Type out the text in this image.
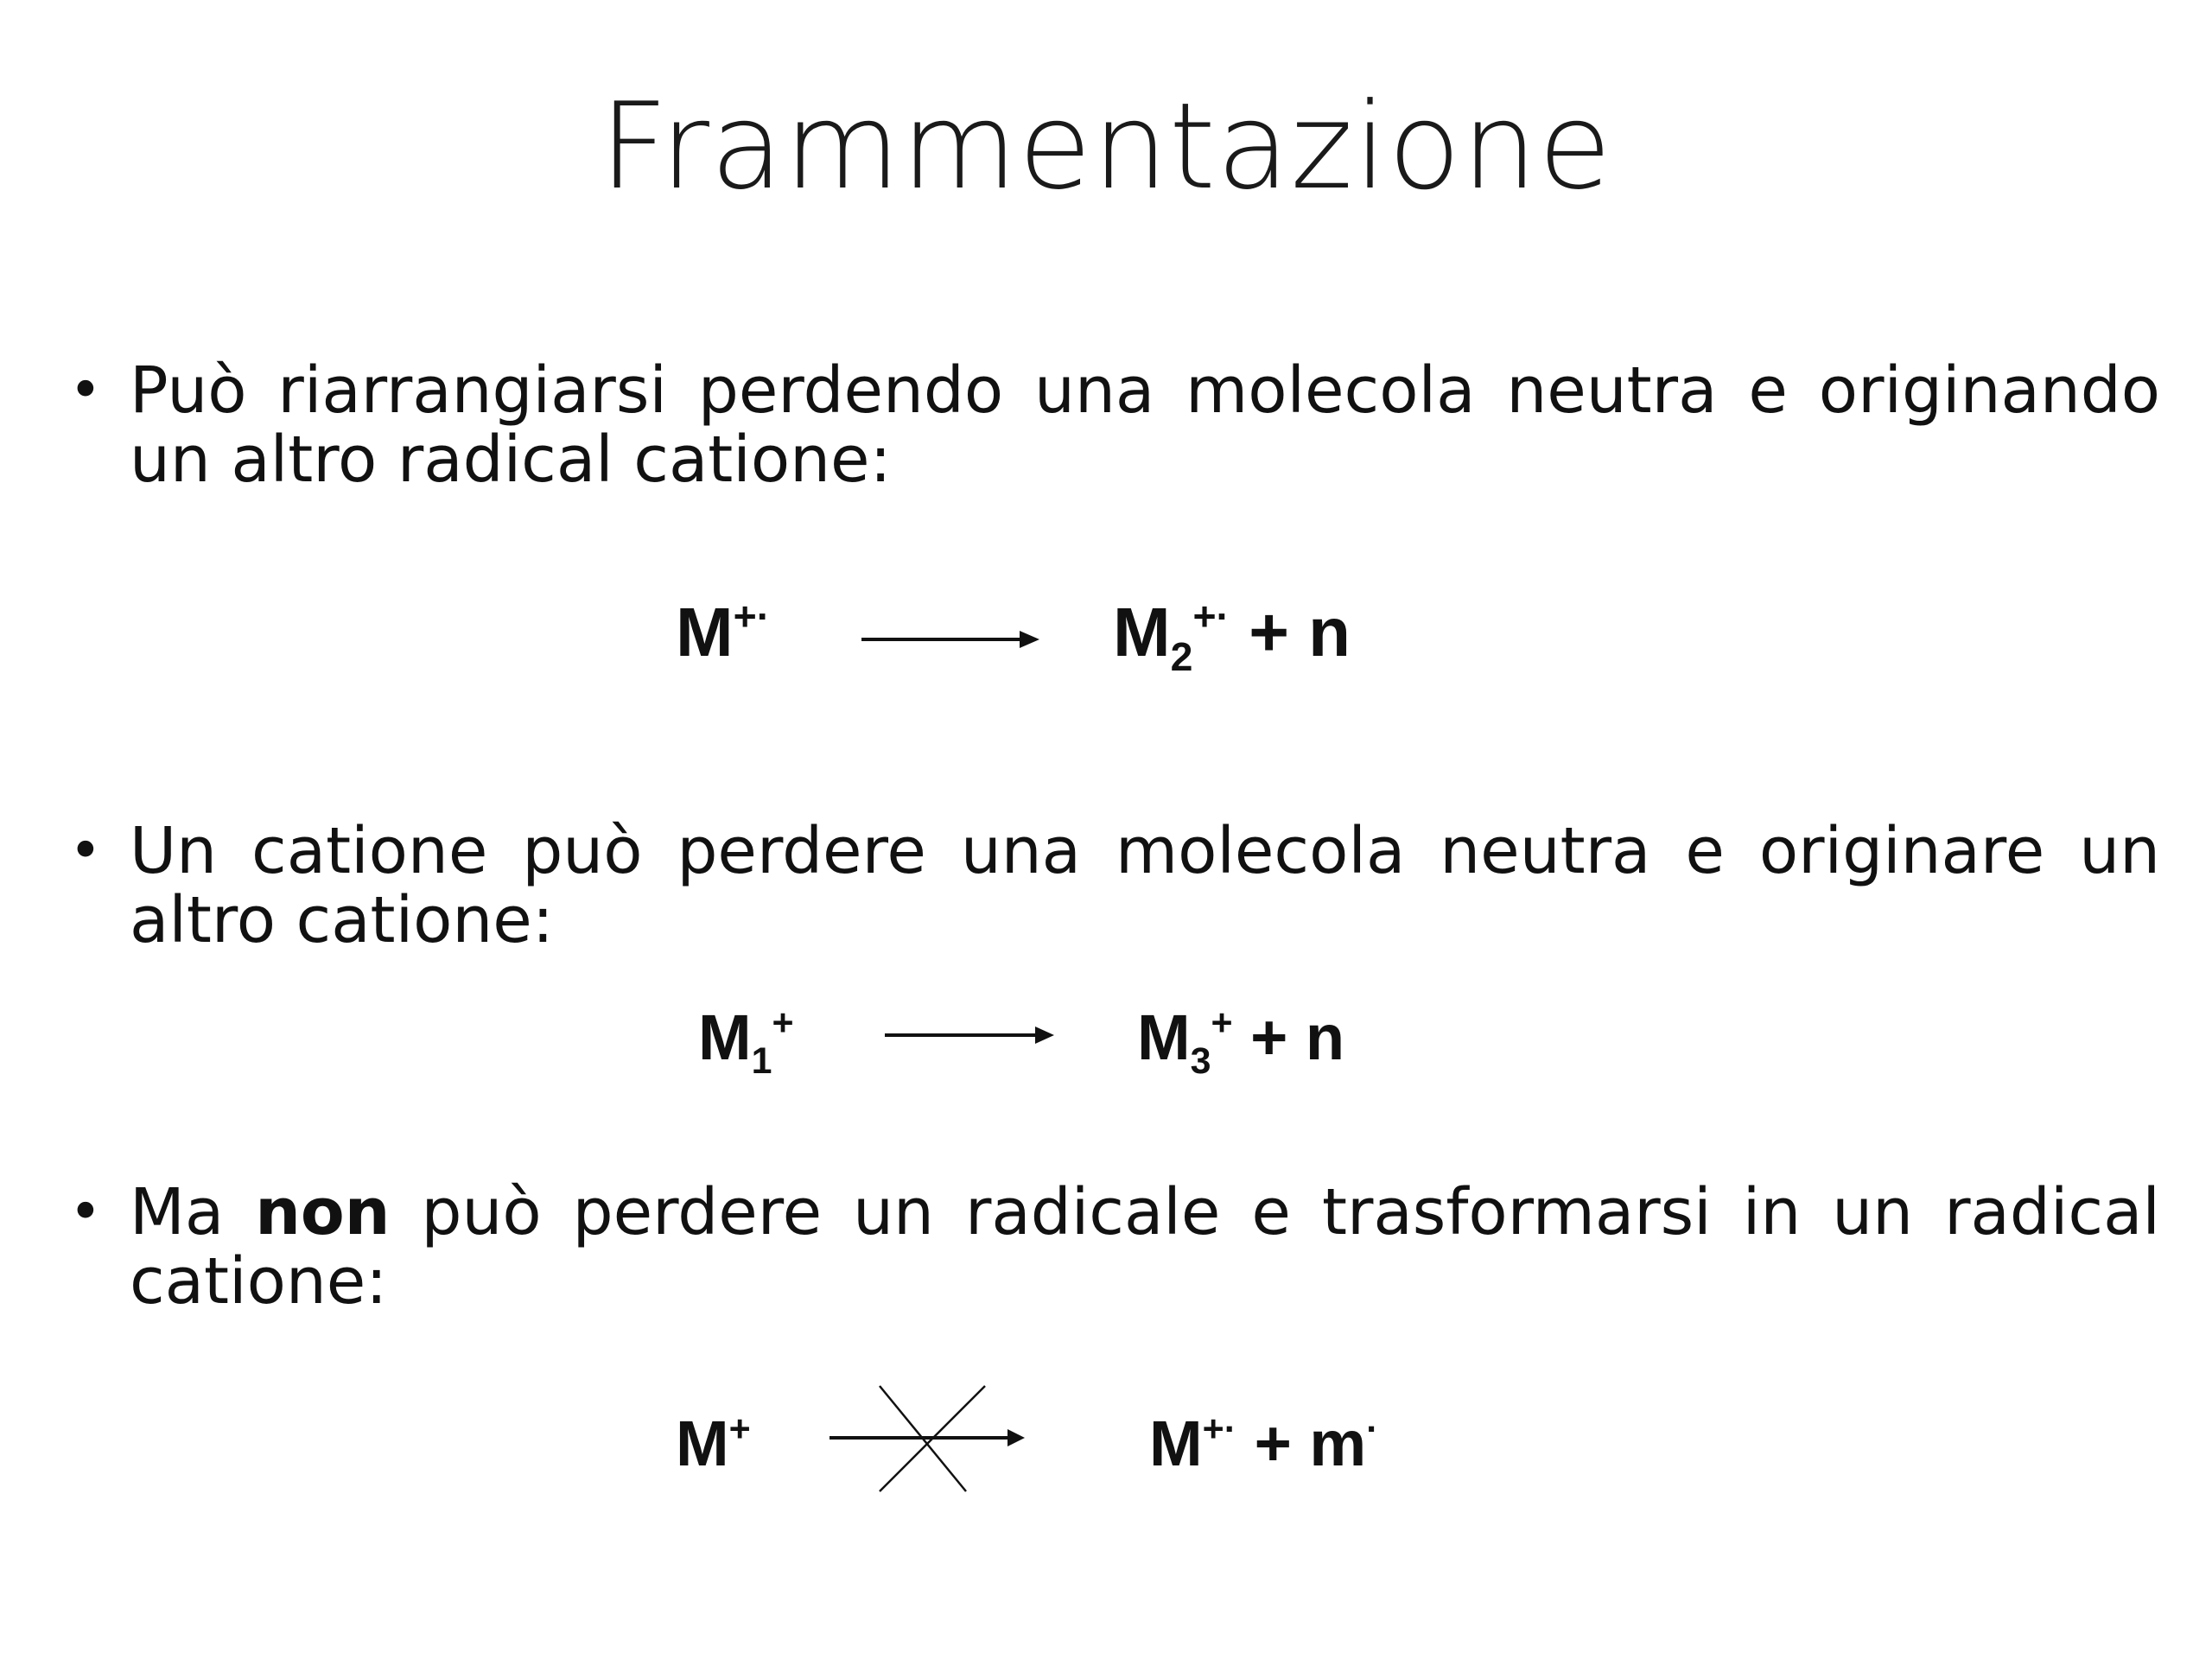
Frammentazione
• Può riarrangiarsi perdendo una molecola neutra e originando un altro radical catione:
M+·	$M_2^{+\cdot} + n$
• Un catione può perdere una molecola neutra e originare un altro catione:
$M_1^+$	$M_3^+ + n$
• Ma non può perdere un radicale e trasformarsi in un radical catione:
M+	M+· + m·
